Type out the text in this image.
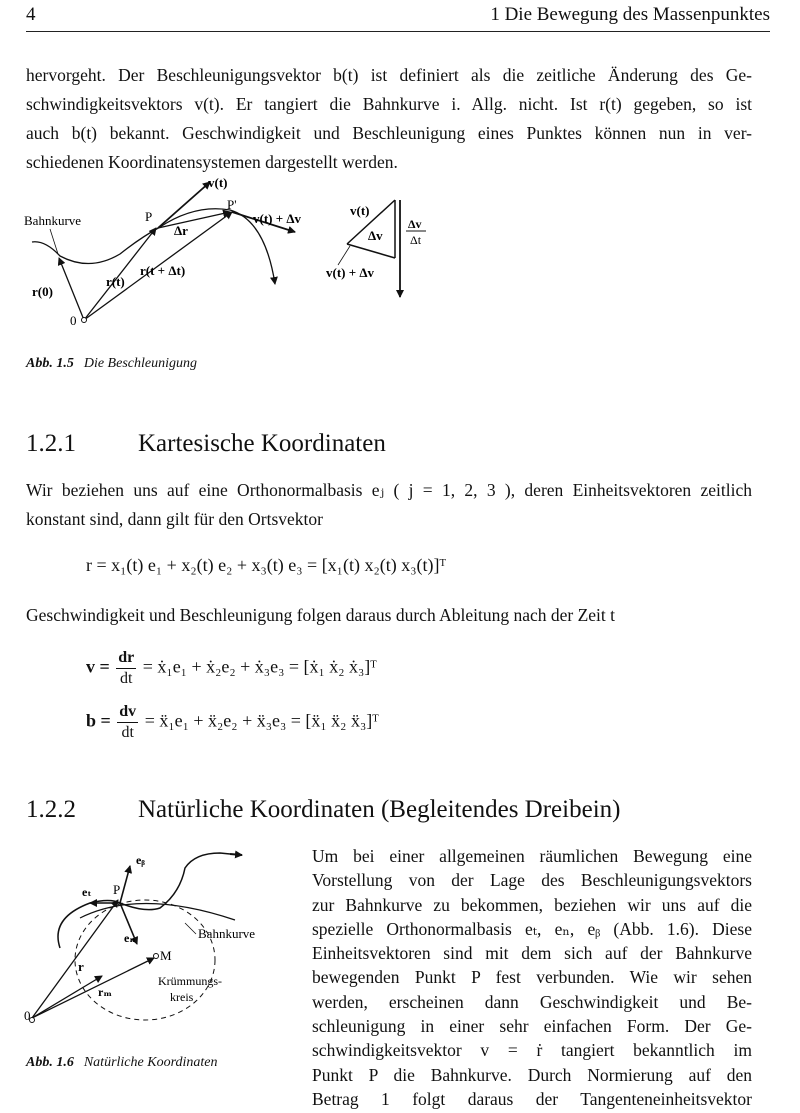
4	1 Die Bewegung des Massenpunktes
hervorgeht. Der Beschleunigungsvektor b(t) ist definiert als die zeitliche Änderung des Ge-
schwindigkeitsvektors v(t). Er tangiert die Bahnkurve i. Allg. nicht. Ist r(t) gegeben, so ist
auch b(t) bekannt. Geschwindigkeit und Beschleunigung eines Punktes können nun in ver-
schiedenen Koordinatensystemen dargestellt werden.
Bahnkurve
r(0)
0
r(t)
r(t + Δt)
P
P'
Δr
v(t)
v(t) + Δv
v(t)
Δv
Δv
Δt
v(t) + Δv
Abb. 1.5 Die Beschleunigung
1.2.1 Kartesische Koordinaten
Wir beziehen uns auf eine Orthonormalbasis eⱼ ( j = 1, 2, 3 ), deren Einheitsvektoren zeitlich
konstant sind, dann gilt für den Ortsvektor
r = x₁(t) e₁ + x₂(t) e₂ + x₃(t) e₃ = [x₁(t) x₂(t) x₃(t)]ᵀ
Geschwindigkeit und Beschleunigung folgen daraus durch Ableitung nach der Zeit t
$v = \frac{dr}{dt}$ = ẋ₁e₁ + ẋ₂e₂ + ẋ₃e₃ = [ẋ₁ ẋ₂ ẋ₃]ᵀ
$b = \frac{dv}{dt}$ = ẍ₁e₁ + ẍ₂e₂ + ẍ₃e₃ = [ẍ₁ ẍ₂ ẍ₃]ᵀ
1.2.2 Natürliche Koordinaten (Begleitendes Dreibein)
eᵦ
eₜ P
eₙ
M
Bahnkurve
r
rₘ
Krümmungs-
kreis
0
Abb. 1.6 Natürliche Koordinaten
Um bei einer allgemeinen räumlichen Bewegung eine
Vorstellung von der Lage des Beschleunigungsvektors
zur Bahnkurve zu bekommen, beziehen wir uns auf die
spezielle Orthonormalbasis eₜ, eₙ, eᵦ (Abb. 1.6). Diese
Einheitsvektoren sind mit dem sich auf der Bahnkurve
bewegenden Punkt P fest verbunden. Wie wir sehen
werden, erscheinen dann Geschwindigkeit und Be-
schleunigung in einer sehr einfachen Form. Der Ge-
schwindigkeitsvektor v = ṙ tangiert bekanntlich im
Punkt P die Bahnkurve. Durch Normierung auf den
Betrag 1 folgt daraus der Tangenteneinheitsvektor
